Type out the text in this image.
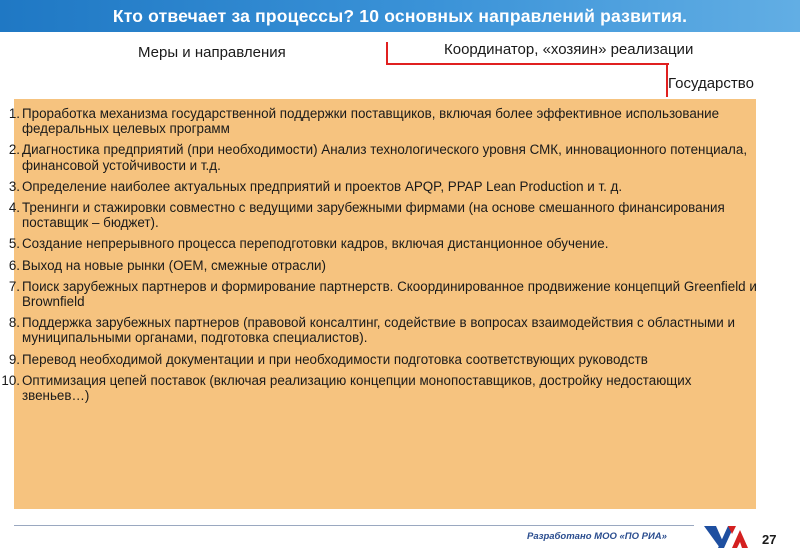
Кто отвечает за процессы? 10 основных направлений развития.
Меры и направления	Координатор, «хозяин» реализации
Государство
1. Проработка механизма государственной поддержки поставщиков, включая более эффективное использование федеральных целевых программ
2. Диагностика предприятий (при необходимости) Анализ технологического уровня СМК, инновационного потенциала, финансовой устойчивости и т.д.
3. Определение наиболее актуальных предприятий и проектов APQP, PPAP Lean Production и т. д.
4. Тренинги и стажировки совместно с ведущими зарубежными фирмами (на основе смешанного финансирования поставщик – бюджет).
5. Создание непрерывного процесса переподготовки кадров, включая дистанционное обучение.
6. Выход на новые рынки (OEM, смежные отрасли)
7. Поиск зарубежных партнеров и формирование партнерств. Скоординированное продвижение концепций Greenfield и Brownfield
8. Поддержка зарубежных партнеров (правовой консалтинг, содействие в вопросах взаимодействия с областными и муниципальными органами, подготовка специалистов).
9. Перевод необходимой документации и при необходимости подготовка соответствующих руководств
10. Оптимизация цепей поставок (включая реализацию концепции монопоставщиков, достройку недостающих звеньев…)
Разработано МОО «ПО РИА»	27
